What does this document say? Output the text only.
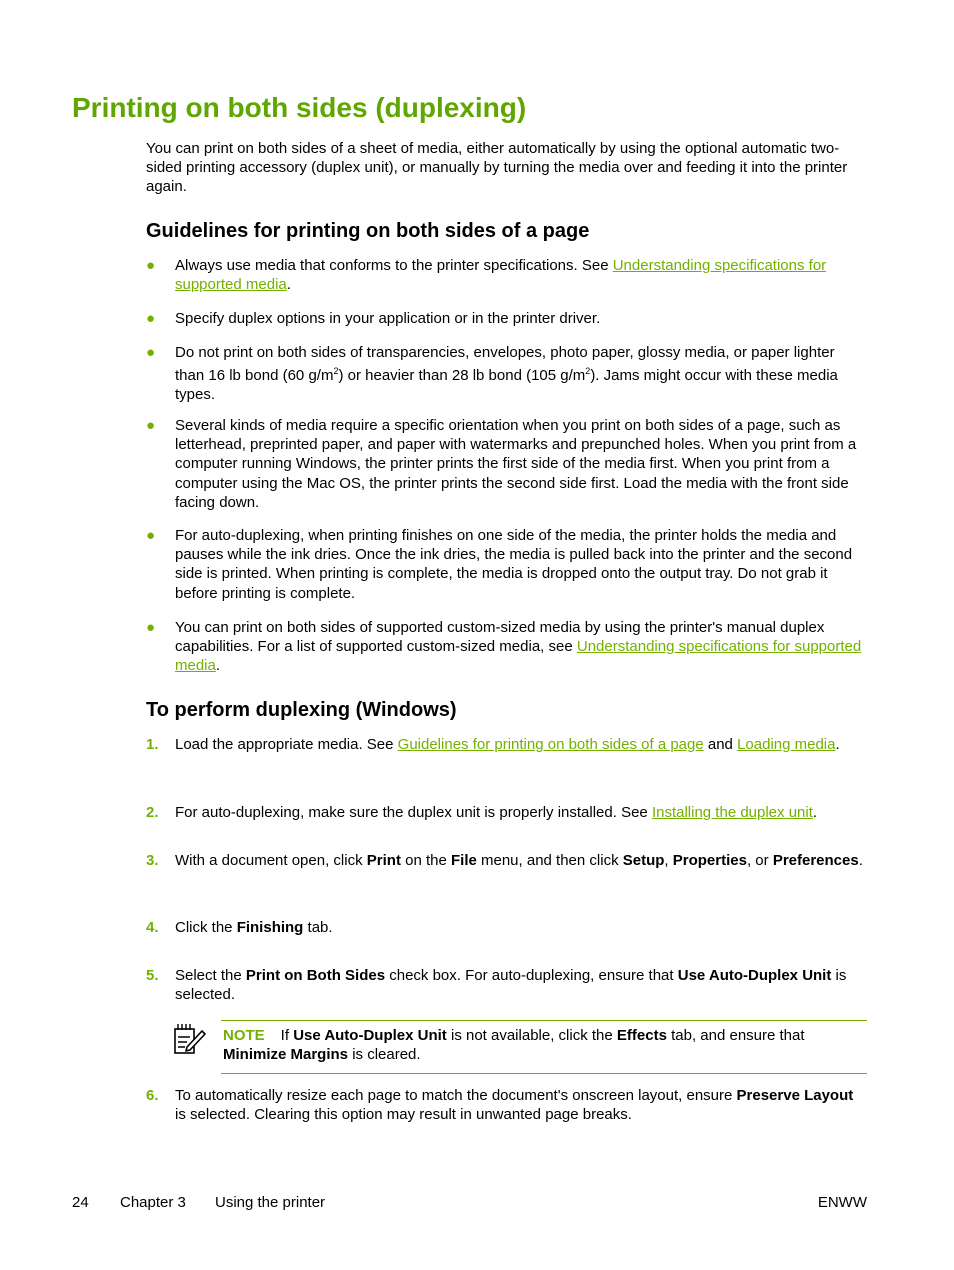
Printing on both sides (duplexing)

You can print on both sides of a sheet of media, either automatically by using the optional automatic two-sided printing accessory (duplex unit), or manually by turning the media over and feeding it into the printer again.

Guidelines for printing on both sides of a page
● Always use media that conforms to the printer specifications. See Understanding specifications for supported media.

● Specify duplex options in your application or in the printer driver.

● Do not print on both sides of transparencies, envelopes, photo paper, glossy media, or paper lighter than 16 lb bond (60 $g/m^2$) or heavier than 28 lb bond (105 $g/m^2$). Jams might occur with these media types.

● Several kinds of media require a specific orientation when you print on both sides of a page, such as letterhead, preprinted paper, and paper with watermarks and prepunched holes. When you print from a computer running Windows, the printer prints the first side of the media first. When you print from a computer using the Mac OS, the printer prints the second side first. Load the media with the front side facing down.

● For auto-duplexing, when printing finishes on one side of the media, the printer holds the media and pauses while the ink dries. Once the ink dries, the media is pulled back into the printer and the second side is printed. When printing is complete, the media is dropped onto the output tray. Do not grab it before printing is complete.

● You can print on both sides of supported custom-sized media by using the printer's manual duplex capabilities. For a list of supported custom-sized media, see Understanding specifications for supported media.

To perform duplexing (Windows)
1. Load the appropriate media. See Guidelines for printing on both sides of a page and Loading media.

2. For auto-duplexing, make sure the duplex unit is properly installed. See Installing the duplex unit.

3. With a document open, click Print on the File menu, and then click Setup, Properties, or Preferences.

4. Click the Finishing tab.

5. Select the Print on Both Sides check box. For auto-duplexing, ensure that Use Auto-Duplex Unit is selected.

NOTE If Use Auto-Duplex Unit is not available, click the Effects tab, and ensure that Minimize Margins is cleared.

6. To automatically resize each page to match the document's onscreen layout, ensure Preserve Layout is selected. Clearing this option may result in unwanted page breaks.

24 Chapter 3 Using the printer	ENWW
